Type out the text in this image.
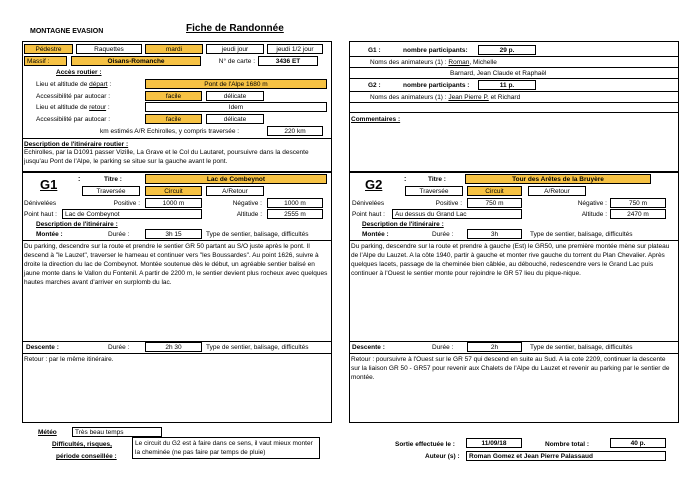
MONTAGNE EVASION	Fiche de Randonnée
Pédestre	Raquettes	mardi	jeudi jour	jeudi 1/2 jour
Massif :	Oisans-Romanche	N° de carte :	3436 ET
Accès routier :
Lieu et altitude de départ :	Pont de l'Alpe 1680 m
Accessibilité par autocar :	facile	délicate
Lieu et altitude de retour :	Idem
Accessibilité par autocar :	facile	délicate
km estimés A/R Echirolles, y compris traversée :	220 km
Description de l'itinéraire routier :
Echirolles, par la D1091 passer Vizille, La Grave et le Col du Lautaret, poursuivre dans la descente jusqu'au Pont de l'Alpe, le parking se situe sur la gauche avant le pont.
G1 :	nombre participants:	29 p.
Noms des animateurs (1) : Roman, Michelle
Barnard, Jean Claude et Raphaël
G2 :	nombre participants :	11 p.
Noms des animateurs (1) : Jean Pierre P. et Richard
Commentaires :
G1	:	Titre :	Lac de Combeynot
Traversée	Circuit	A/Retour
Dénivelées	Positive :	1000 m	Négative :	1000 m
Point haut :	Lac de Combeynot	Altitude :	2555 m
Description de l'itinéraire :
Montée :	Durée :	3h 15	Type de sentier, balisage, difficultés
Du parking, descendre sur la route et prendre le sentier GR 50 partant au S/O juste après le pont. Il descend à "le Lauzet", traverser le hameau et continuer vers "les Boussardes". Au point 1626, suivre à droite la direction du lac de Combeynot. Montée soutenue dès le début, un agréable sentier balisé en jaune monte dans le Vallon du Fontenil. A partir de 2200 m, le sentier devient plus rocheux avec quelques hautes marches avant d'arriver en surplomb du lac.
Descente :	Durée :	2h 30	Type de sentier, balisage, difficultés
Retour : par le même itinéraire.
G2	:	Titre :	Tour des Arêtes de la Bruyère
Traversée	Circuit	A/Retour
Dénivelées	Positive :	750 m	Négative :	750 m
Point haut :	Au dessus du Grand Lac	Altitude :	2470 m
Description de l'itinéraire :
Montée :	Durée :	3h	Type de sentier, balisage, difficultés
Du parking, descendre sur la route et prendre à gauche (Est) le GR50, une première montée mène sur plateau de l'Alpe du Lauzet. A la côte 1940, partir à gauche et monter rive gauche du torrent du Plan Chevalier. Après quelques lacets, passage de la cheminée bien câblée, au débouché, redescendre vers le Grand Lac puis continuer à l'Ouest le sentier monte pour rejoindre le GR 57 lieu du pique-nique.
Descente :	Durée :	2h	Type de sentier, balisage, difficultés
Retour : poursuivre à l'Ouest sur le GR 57 qui descend en suite au Sud. A la cote 2209, continuer la descente sur la liaison GR 50 - GR57 pour revenir aux Chalets de l'Alpe du Lauzet et revenir au parking par le sentier de montée.
Météo	Très beau temps
Difficultés, risques,
période conseillée :
Le circuit du G2 est à faire dans ce sens, il vaut mieux monter la cheminée (ne pas faire par temps de pluie)
Sortie effectuée le :	11/09/18	Nombre total :	40 p.
Auteur (s) :	Roman Gomez et Jean Pierre Palassaud
